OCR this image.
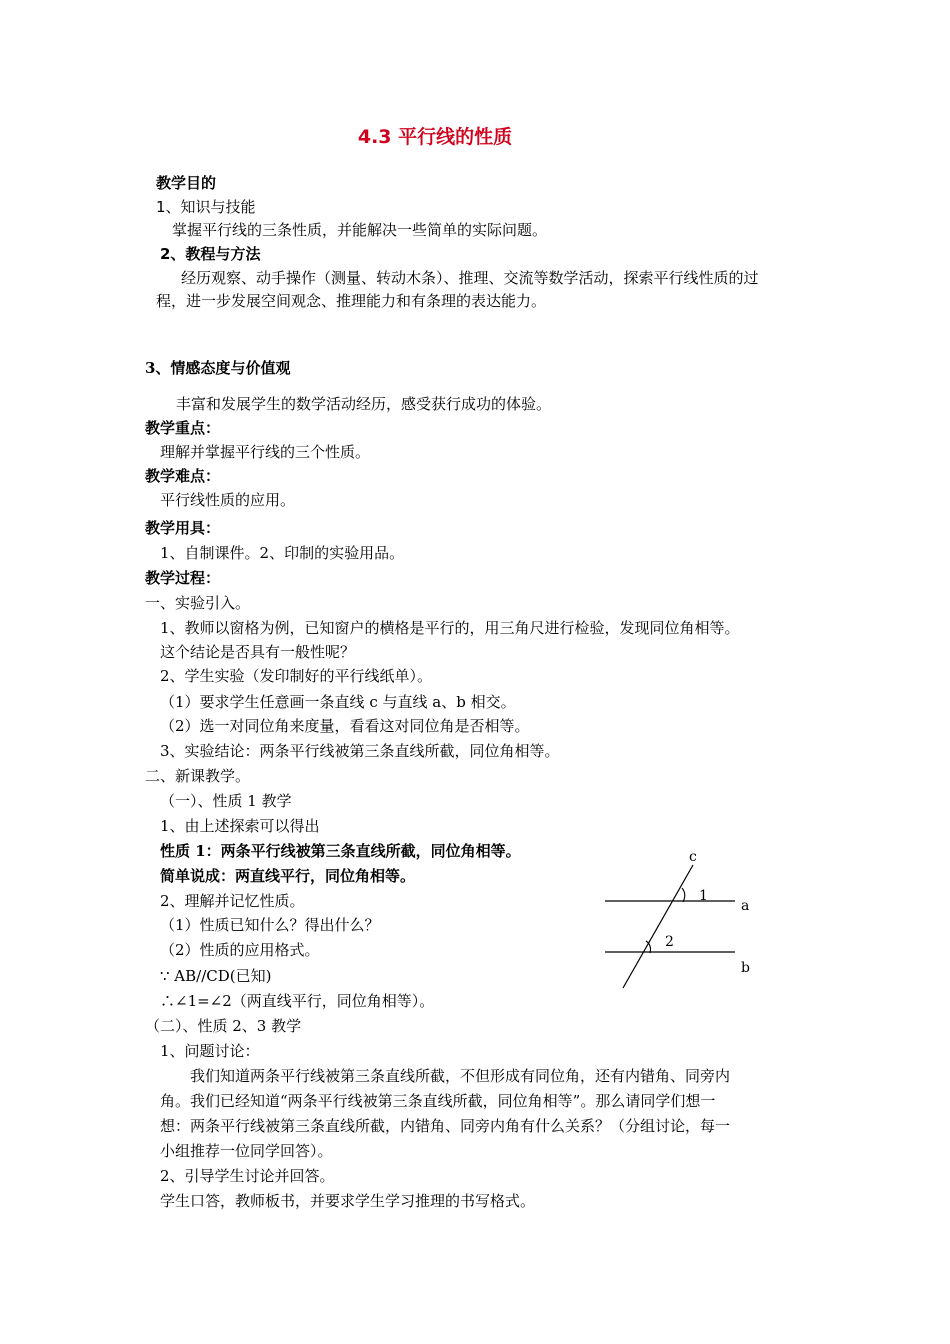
4.3 平行线的性质
教学目的
1、知识与技能
掌握平行线的三条性质，并能解决一些简单的实际问题。
2、教程与方法
经历观察、动手操作（测量、转动木条）、推理、交流等数学活动，探索平行线性质的过
程，进一步发展空间观念、推理能力和有条理的表达能力。
3、情感态度与价值观
丰富和发展学生的数学活动经历，感受获行成功的体验。
教学重点：
理解并掌握平行线的三个性质。
教学难点：
平行线性质的应用。
教学用具：
1、自制课件。2、印制的实验用品。
教学过程：
一、实验引入。
1、教师以窗格为例，已知窗户的横格是平行的，用三角尺进行检验，发现同位角相等。
这个结论是否具有一般性呢？
2、学生实验（发印制好的平行线纸单）。
（1）要求学生任意画一条直线 c 与直线 a、b 相交。
（2）选一对同位角来度量，看看这对同位角是否相等。
3、实验结论：两条平行线被第三条直线所截，同位角相等。
二、新课教学。
（一）、性质 1 教学
1、由上述探索可以得出
性质 1：两条平行线被第三条直线所截，同位角相等。
简单说成：两直线平行，同位角相等。
2、理解并记忆性质。
（1）性质已知什么？得出什么？
（2）性质的应用格式。
∵ AB//CD(已知)
∴∠1=∠2（两直线平行，同位角相等）。
（二）、性质 2、3 教学
1、问题讨论：
我们知道两条平行线被第三条直线所截，不但形成有同位角，还有内错角、同旁内
角。我们已经知道“两条平行线被第三条直线所截，同位角相等”。那么请同学们想一
想：两条平行线被第三条直线所截，内错角、同旁内角有什么关系？（分组讨论，每一
小组推荐一位同学回答）。
2、引导学生讨论并回答。
学生口答，教师板书，并要求学生学习推理的书写格式。
c
1
a
2
b
